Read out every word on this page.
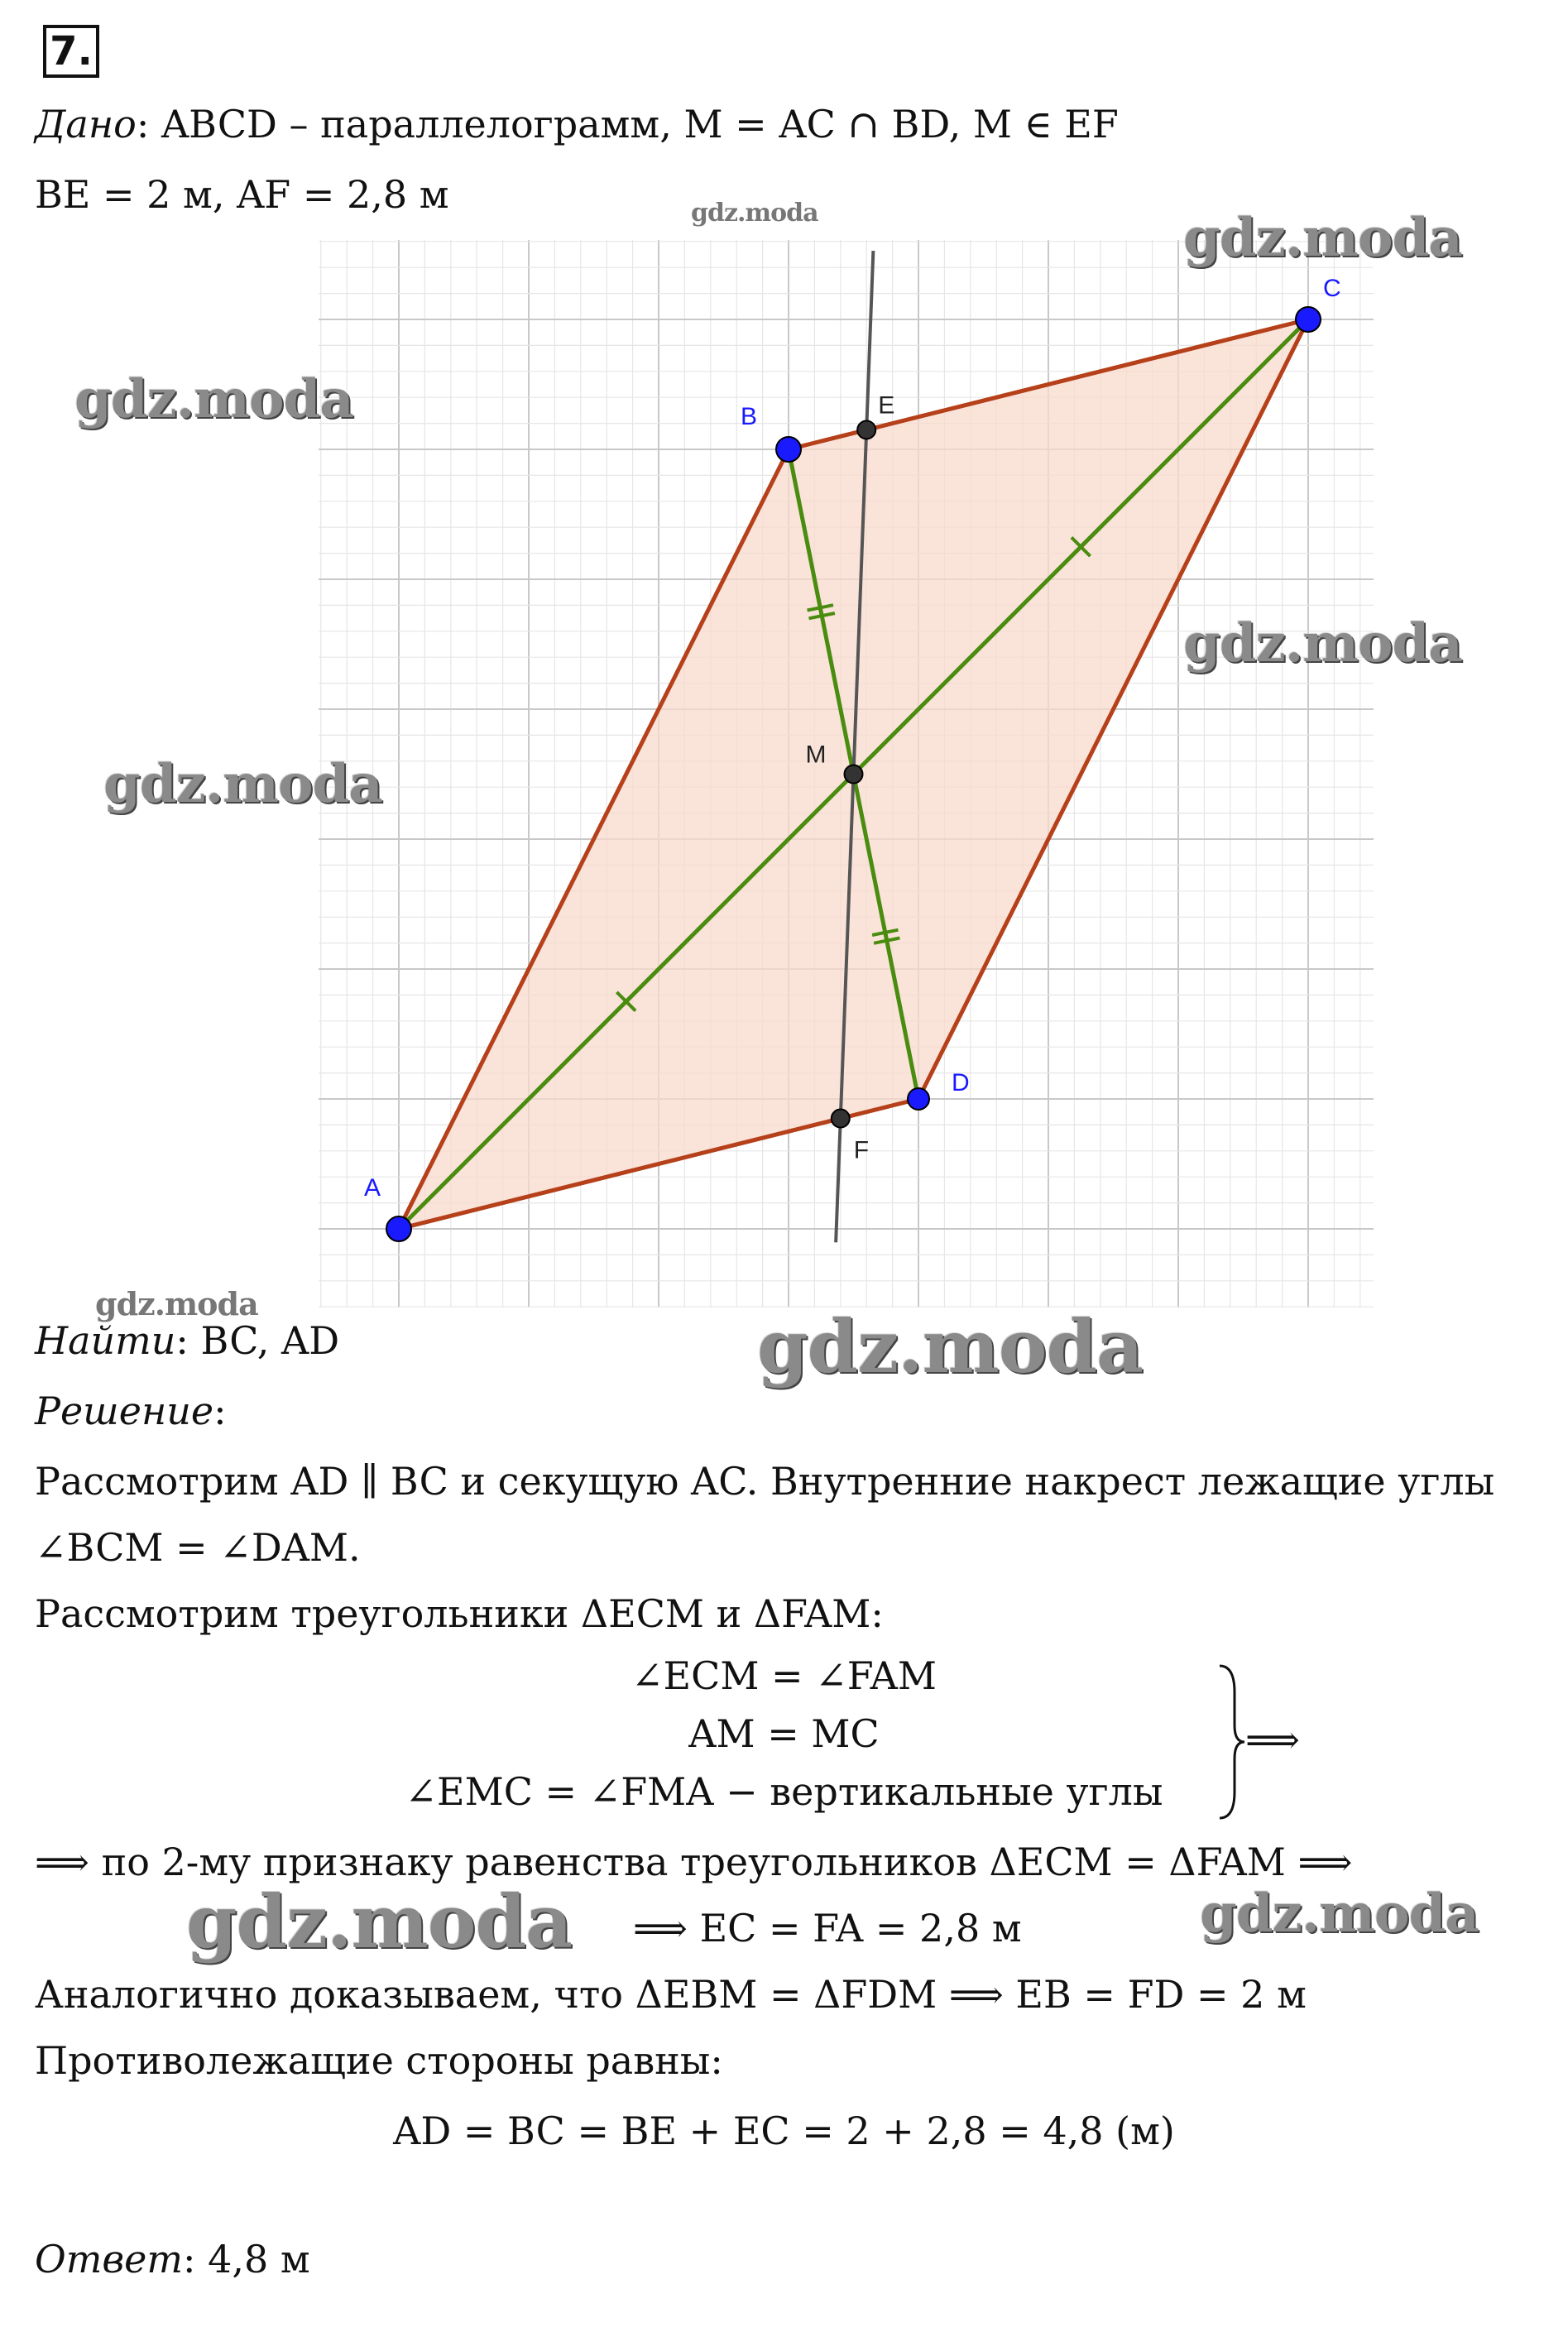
7.
Дано: ABCD – параллелограмм, M = AC ∩ BD, M ∈ EF
BE = 2 м, AF = 2,8 м
A
B
C
D
E
F
M
Найти: BC, AD
Решение:
Рассмотрим AD ∥ BC и секущую AC. Внутренние накрест лежащие углы
∠BCM = ∠DAM.
Рассмотрим треугольники ΔECM и ΔFAM:
∠ECM = ∠FAM
AM = MC
∠EMC = ∠FMA − вертикальные углы
⟹
⟹ по 2-му признаку равенства треугольников ΔECM = ΔFAM ⟹
⟹ EC = FA = 2,8 м
Аналогично доказываем, что ΔEBM = ΔFDM ⟹ EB = FD = 2 м
Противолежащие стороны равны:
AD = BC = BE + EC = 2 + 2,8 = 4,8 (м)
Ответ: 4,8 м
gdz.moda	gdz.moda
gdz.moda
gdz.moda
gdz.moda
gdz.moda	gdz.moda
gdz.moda	gdz.moda
